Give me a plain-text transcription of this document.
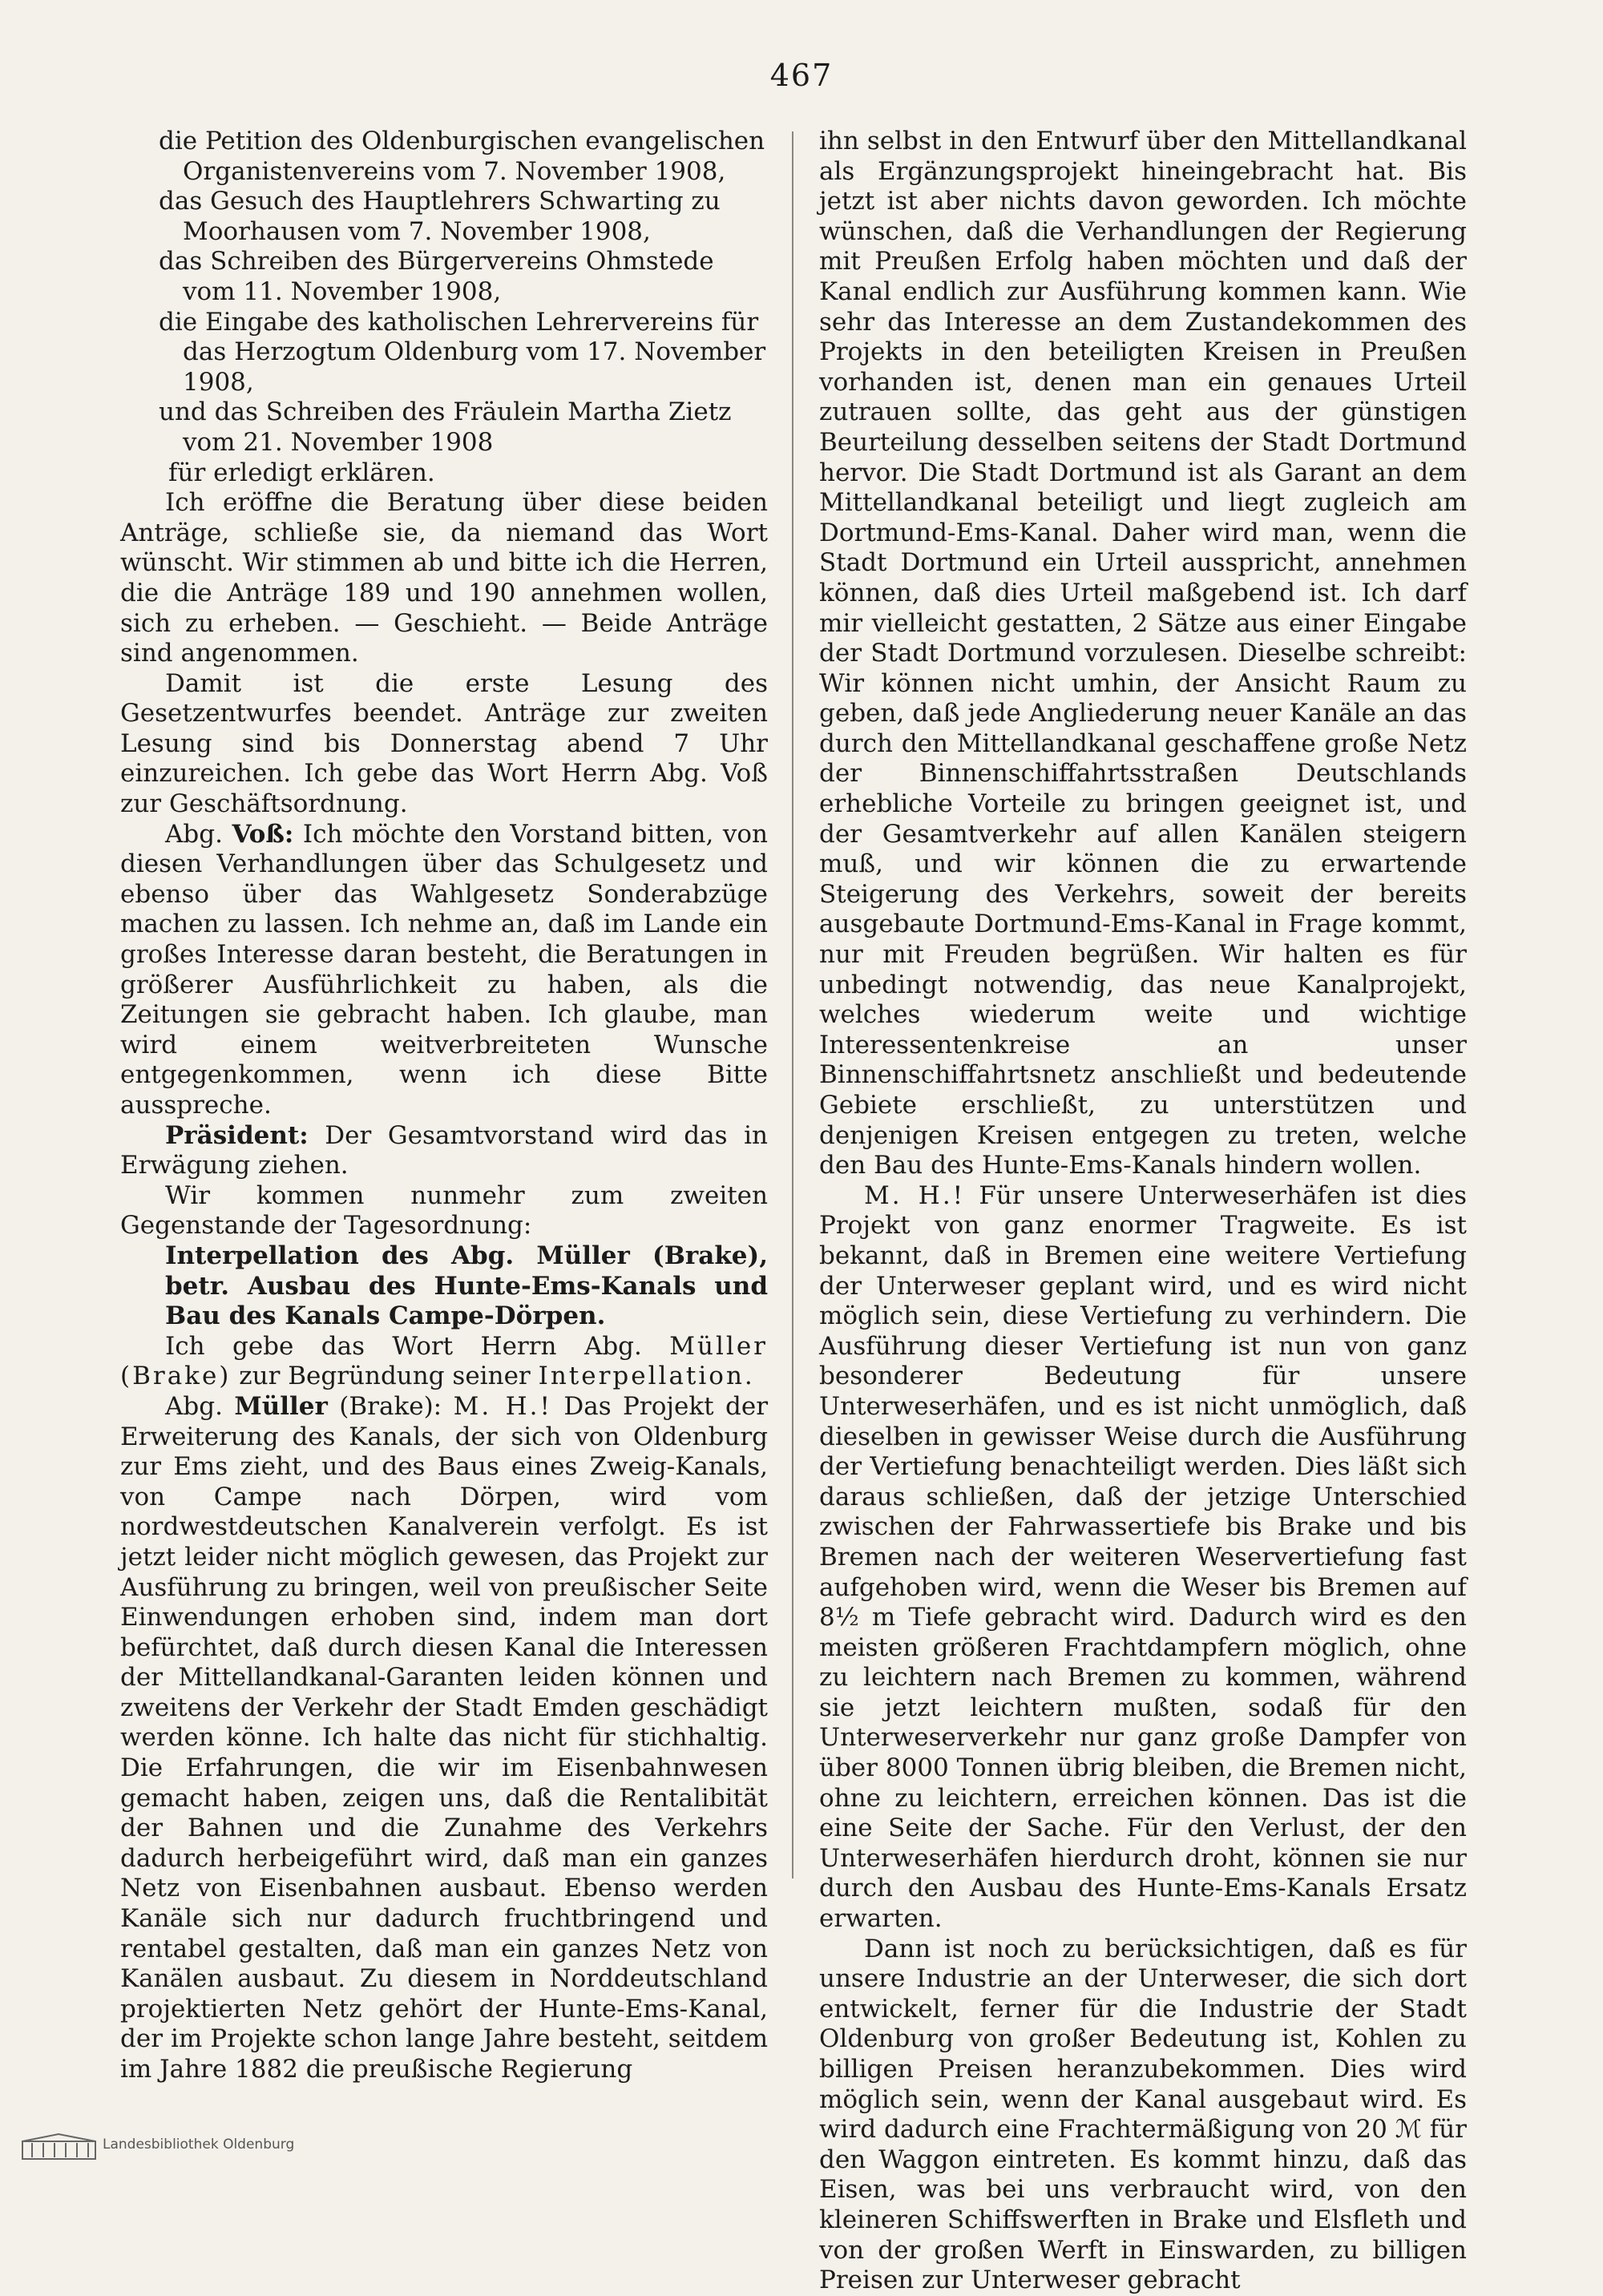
467

die Petition des Oldenburgischen evangelischen Organistenvereins vom 7. November 1908,

das Gesuch des Hauptlehrers Schwarting zu Moorhausen vom 7. November 1908,

das Schreiben des Bürgervereins Ohmstede vom 11. November 1908,

die Eingabe des katholischen Lehrervereins für das Herzogtum Oldenburg vom 17. November 1908,

und das Schreiben des Fräulein Martha Zietz vom 21. November 1908

für erledigt erklären.

Ich eröffne die Beratung über diese beiden Anträge, schließe sie, da niemand das Wort wünscht. Wir stimmen ab und bitte ich die Herren, die die Anträge 189 und 190 annehmen wollen, sich zu erheben. — Geschieht. — Beide Anträge sind angenommen.

Damit ist die erste Lesung des Gesetzentwurfes beendet. Anträge zur zweiten Lesung sind bis Donnerstag abend 7 Uhr einzureichen. Ich gebe das Wort Herrn Abg. Voß zur Geschäftsordnung.

Abg. Voß: Ich möchte den Vorstand bitten, von diesen Verhandlungen über das Schulgesetz und ebenso über das Wahlgesetz Sonderabzüge machen zu lassen. Ich nehme an, daß im Lande ein großes Interesse daran besteht, die Beratungen in größerer Ausführlichkeit zu haben, als die Zeitungen sie gebracht haben. Ich glaube, man wird einem weitverbreiteten Wunsche entgegenkommen, wenn ich diese Bitte ausspreche.

Präsident: Der Gesamtvorstand wird das in Erwägung ziehen.

Wir kommen nunmehr zum zweiten Gegenstande der Tagesordnung:

Interpellation des Abg. Müller (Brake), betr. Ausbau des Hunte-Ems-Kanals und Bau des Kanals Campe-Dörpen.

Ich gebe das Wort Herrn Abg. Müller (Brake) zur Begründung seiner Interpellation.

Abg. Müller (Brake): M. H.! Das Projekt der Erweiterung des Kanals, der sich von Oldenburg zur Ems zieht, und des Baus eines Zweig-Kanals, von Campe nach Dörpen, wird vom nordwestdeutschen Kanalverein verfolgt. Es ist jetzt leider nicht möglich gewesen, das Projekt zur Ausführung zu bringen, weil von preußischer Seite Einwendungen erhoben sind, indem man dort befürchtet, daß durch diesen Kanal die Interessen der Mittellandkanal-Garanten leiden können und zweitens der Verkehr der Stadt Emden geschädigt werden könne. Ich halte das nicht für stichhaltig. Die Erfahrungen, die wir im Eisenbahnwesen gemacht haben, zeigen uns, daß die Rentalibität der Bahnen und die Zunahme des Verkehrs dadurch herbeigeführt wird, daß man ein ganzes Netz von Eisenbahnen ausbaut. Ebenso werden Kanäle sich nur dadurch fruchtbringend und rentabel gestalten, daß man ein ganzes Netz von Kanälen ausbaut. Zu diesem in Norddeutschland projektierten Netz gehört der Hunte-Ems-Kanal, der im Projekte schon lange Jahre besteht, seitdem im Jahre 1882 die preußische Regierung

ihn selbst in den Entwurf über den Mittellandkanal als Ergänzungsprojekt hineingebracht hat. Bis jetzt ist aber nichts davon geworden. Ich möchte wünschen, daß die Verhandlungen der Regierung mit Preußen Erfolg haben möchten und daß der Kanal endlich zur Ausführung kommen kann. Wie sehr das Interesse an dem Zustandekommen des Projekts in den beteiligten Kreisen in Preußen vorhanden ist, denen man ein genaues Urteil zutrauen sollte, das geht aus der günstigen Beurteilung desselben seitens der Stadt Dortmund hervor. Die Stadt Dortmund ist als Garant an dem Mittellandkanal beteiligt und liegt zugleich am Dortmund-Ems-Kanal. Daher wird man, wenn die Stadt Dortmund ein Urteil ausspricht, annehmen können, daß dies Urteil maßgebend ist. Ich darf mir vielleicht gestatten, 2 Sätze aus einer Eingabe der Stadt Dortmund vorzulesen. Dieselbe schreibt: Wir können nicht umhin, der Ansicht Raum zu geben, daß jede Angliederung neuer Kanäle an das durch den Mittellandkanal geschaffene große Netz der Binnenschiffahrtsstraßen Deutschlands erhebliche Vorteile zu bringen geeignet ist, und der Gesamtverkehr auf allen Kanälen steigern muß, und wir können die zu erwartende Steigerung des Verkehrs, soweit der bereits ausgebaute Dortmund-Ems-Kanal in Frage kommt, nur mit Freuden begrüßen. Wir halten es für unbedingt notwendig, das neue Kanalprojekt, welches wiederum weite und wichtige Interessentenkreise an unser Binnenschiffahrtsnetz anschließt und bedeutende Gebiete erschließt, zu unterstützen und denjenigen Kreisen entgegen zu treten, welche den Bau des Hunte-Ems-Kanals hindern wollen.

M. H.! Für unsere Unterweserhäfen ist dies Projekt von ganz enormer Tragweite. Es ist bekannt, daß in Bremen eine weitere Vertiefung der Unterweser geplant wird, und es wird nicht möglich sein, diese Vertiefung zu verhindern. Die Ausführung dieser Vertiefung ist nun von ganz besonderer Bedeutung für unsere Unterweserhäfen, und es ist nicht unmöglich, daß dieselben in gewisser Weise durch die Ausführung der Vertiefung benachteiligt werden. Dies läßt sich daraus schließen, daß der jetzige Unterschied zwischen der Fahrwassertiefe bis Brake und bis Bremen nach der weiteren Weservertiefung fast aufgehoben wird, wenn die Weser bis Bremen auf 8½ m Tiefe gebracht wird. Dadurch wird es den meisten größeren Frachtdampfern möglich, ohne zu leichtern nach Bremen zu kommen, während sie jetzt leichtern mußten, sodaß für den Unterweserverkehr nur ganz große Dampfer von über 8000 Tonnen übrig bleiben, die Bremen nicht, ohne zu leichtern, erreichen können. Das ist die eine Seite der Sache. Für den Verlust, der den Unterweserhäfen hierdurch droht, können sie nur durch den Ausbau des Hunte-Ems-Kanals Ersatz erwarten.

Dann ist noch zu berücksichtigen, daß es für unsere Industrie an der Unterweser, die sich dort entwickelt, ferner für die Industrie der Stadt Oldenburg von großer Bedeutung ist, Kohlen zu billigen Preisen heranzubekommen. Dies wird möglich sein, wenn der Kanal ausgebaut wird. Es wird dadurch eine Frachtermäßigung von 20 ℳ für den Waggon eintreten. Es kommt hinzu, daß das Eisen, was bei uns verbraucht wird, von den kleineren Schiffswerften in Brake und Elsfleth und von der großen Werft in Einswarden, zu billigen Preisen zur Unterweser gebracht

Landesbibliothek Oldenburg
